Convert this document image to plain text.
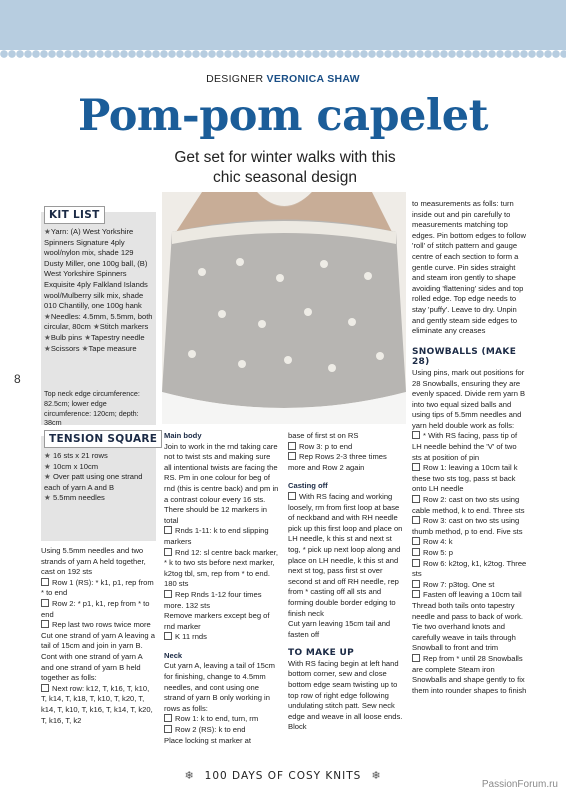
DESIGNER VERONICA SHAW
Pom-pom capelet
Get set for winter walks with this chic seasonal design
KIT LIST
★Yarn: (A) West Yorkshire Spinners Signature 4ply wool/nylon mix, shade 129 Dusty Miller, one 100g ball, (B) West Yorkshire Spinners Exquisite 4ply Falkland Islands wool/Mulberry silk mix, shade 010 Chantilly, one 100g hank ★Needles: 4.5mm, 5.5mm, both circular, 80cm ★Stitch markers ★Bulb pins ★Tapestry needle ★Scissors ★Tape measure
Top neck edge circumference: 82.5cm; lower edge circumference: 120cm; depth: 38cm
8
TENSION SQUARE
★ 16 sts x 21 rows
★ 10cm x 10cm
★ Over patt using one strand each of yarn A and B
★ 5.5mm needles

Using 5.5mm needles and two strands of yarn A held together, cast on 192 sts

Row 1 (RS): * k1, p1, rep from * to end

Row 2: * p1, k1, rep from * to end

Rep last two rows twice more

Cut one strand of yarn A leaving a tail of 15cm and join in yarn B. Cont with one strand of yarn A and one strand of yarn B held together as folls:

Next row: k12, T, k16, T, k10, T, k14, T, k18, T, k10, T, k20, T, k14, T, k10, T, k16, T, k14, T, k20, T, k16, T, k2

Main body

Join to work in the rnd taking care not to twist sts and making sure all intentional twists are facing the RS. Pm in one colour for beg of rnd (this is centre back) and pm in a contrast colour every 16 sts. There should be 12 markers in total

Rnds 1-11: k to end slipping markers

Rnd 12: sl centre back marker, * k to two sts before next marker, k2tog tbl, sm, rep from * to end. 180 sts

Rep Rnds 1-12 four times more. 132 sts

Remove markers except beg of rnd marker

K 11 rnds

Neck

Cut yarn A, leaving a tail of 15cm for finishing, change to 4.5mm needles, and cont using one strand of yarn B only working in rows as folls:

Row 1: k to end, turn, rm

Row 2 (RS): k to end

Place locking st marker at

base of first st on RS

Row 3: p to end

Rep Rows 2-3 three times more and Row 2 again

Casting off

With RS facing and working loosely, rm from first loop at base of neckband and with RH needle pick up this first loop and place on LH needle, k this st and next st tog, * pick up next loop along and place on LH needle, k this st and next st tog, pass first st over second st and off RH needle, rep from * casting off all sts and forming double border edging to finish neck

Cut yarn leaving 15cm tail and fasten off

TO MAKE UP

With RS facing begin at left hand bottom corner, sew and close bottom edge seam twisting up to top row of right edge following undulating stitch patt. Sew neck edge and weave in all loose ends. Block

to measurements as folls: turn inside out and pin carefully to measurements matching top edges. Pin bottom edges to follow 'roll' of stitch pattern and gauge centre of each section to form a gentle curve. Pin sides straight and steam iron gently to shape avoiding 'flattening' sides and top rolled edge. Top edge needs to stay 'puffy'. Leave to dry. Unpin and gently steam side edges to eliminate any creases

SNOWBALLS (MAKE 28)

Using pins, mark out positions for 28 Snowballs, ensuring they are evenly spaced. Divide rem yarn B into two equal sized balls and using tips of 5.5mm needles and yarn held double work as folls:

* With RS facing, pass tip of LH needle behind the 'V' of two sts at position of pin

Row 1: leaving a 10cm tail k these two sts tog, pass st back onto LH needle

Row 2: cast on two sts using cable method, k to end. Three sts

Row 3: cast on two sts using thumb method, p to end. Five sts

Row 4: k

Row 5: p

Row 6: k2tog, k1, k2tog. Three sts

Row 7: p3tog. One st

Fasten off leaving a 10cm tail Thread both tails onto tapestry needle and pass to back of work. Tie two overhand knots and carefully weave in tails through Snowball to front and trim

Rep from * until 28 Snowballs are complete Steam iron Snowballs and shape gently to fix them into rounder shapes to finish

❄ 100 DAYS OF COSY KNITS ❄
PassionForum.ru
